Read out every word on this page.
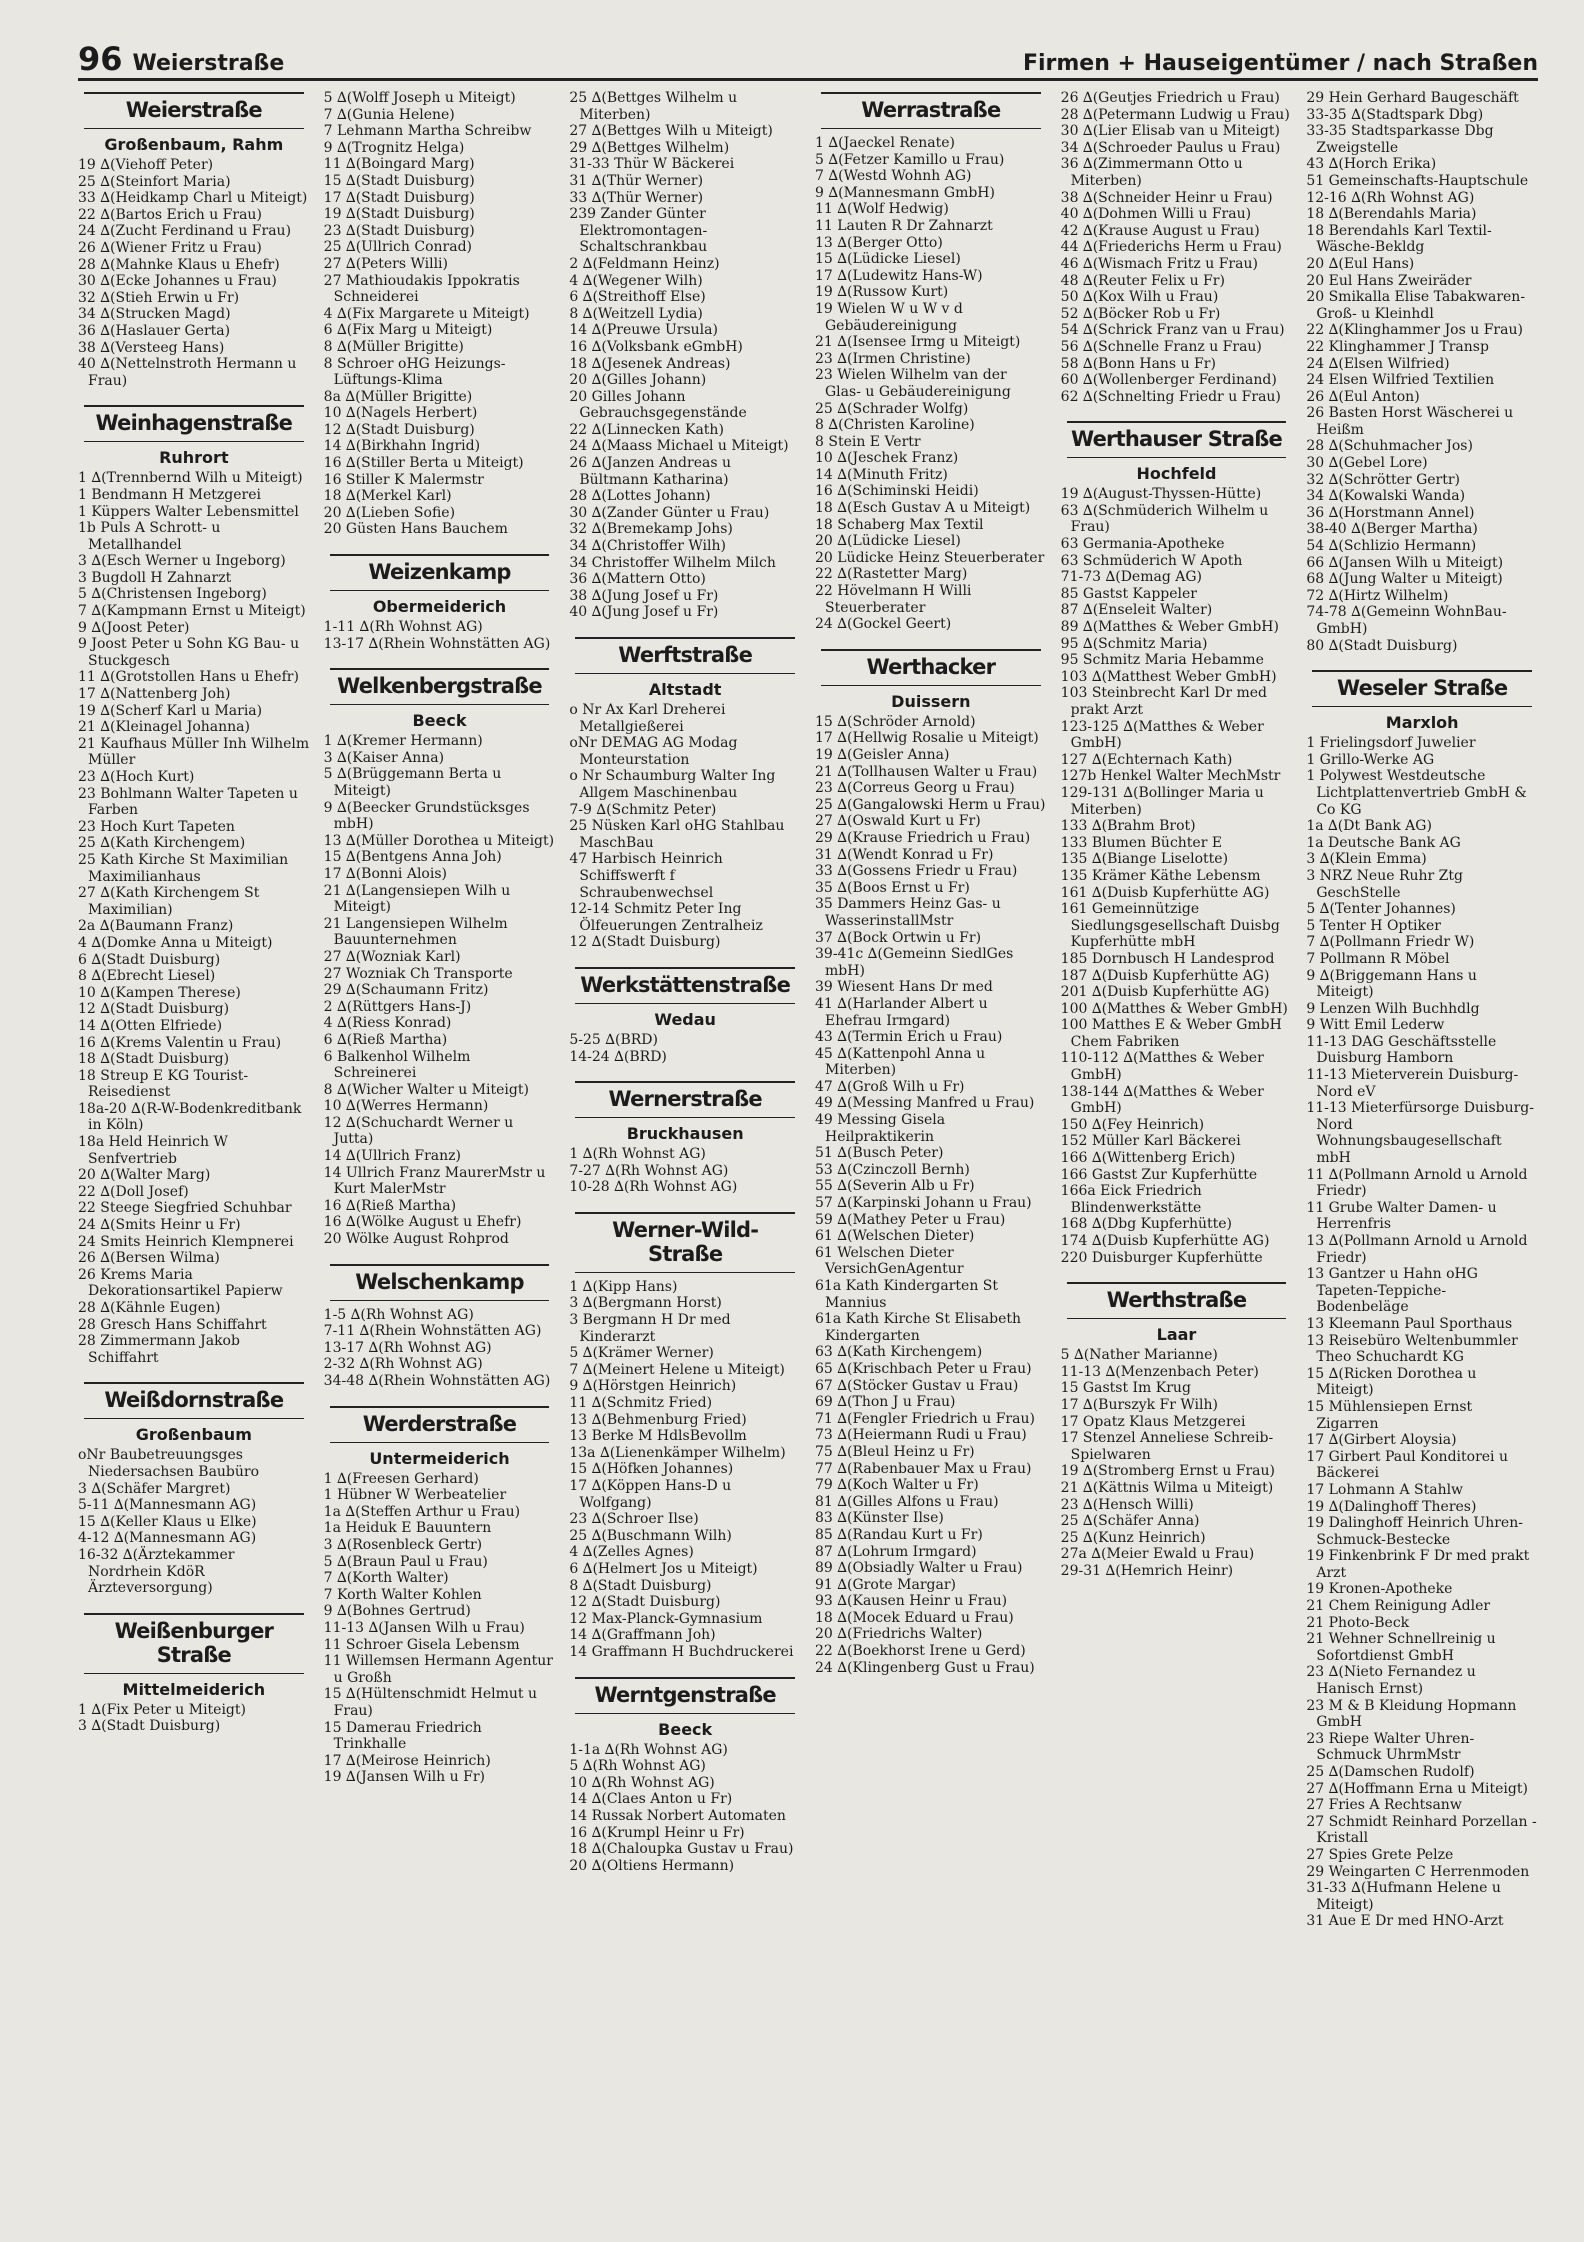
96 Weierstraße	Firmen + Hauseigentümer / nach Straßen
Weierstraße
Großenbaum, Rahm
19 ∆(Viehoff Peter)
25 ∆(Steinfort Maria)
33 ∆(Heidkamp Charl u Miteigt)
22 ∆(Bartos Erich u Frau)
24 ∆(Zucht Ferdinand u Frau)
26 ∆(Wiener Fritz u Frau)
28 ∆(Mahnke Klaus u Ehefr)
30 ∆(Ecke Johannes u Frau)
32 ∆(Stieh Erwin u Fr)
34 ∆(Strucken Magd)
36 ∆(Haslauer Gerta)
38 ∆(Versteeg Hans)
40 ∆(Nettelnstroth Hermann u Frau)
Weinhagenstraße
Ruhrort
1 ∆(Trennbernd Wilh u Miteigt)
1 Bendmann H Metzgerei
1 Küppers Walter Lebensmittel
1b Puls A Schrott- u Metallhandel
3 ∆(Esch Werner u Ingeborg)
3 Bugdoll H Zahnarzt
5 ∆(Christensen Ingeborg)
7 ∆(Kampmann Ernst u Miteigt)
9 ∆(Joost Peter)
9 Joost Peter u Sohn KG Bau- u Stuckgesch
11 ∆(Grotstollen Hans u Ehefr)
17 ∆(Nattenberg Joh)
19 ∆(Scherf Karl u Maria)
21 ∆(Kleinagel Johanna)
21 Kaufhaus Müller Inh Wilhelm Müller
23 ∆(Hoch Kurt)
23 Bohlmann Walter Tapeten u Farben
23 Hoch Kurt Tapeten
25 ∆(Kath Kirchengem)
25 Kath Kirche St Maximilian Maximilianhaus
27 ∆(Kath Kirchengem St Maximilian)
2a ∆(Baumann Franz)
4 ∆(Domke Anna u Miteigt)
6 ∆(Stadt Duisburg)
8 ∆(Ebrecht Liesel)
10 ∆(Kampen Therese)
12 ∆(Stadt Duisburg)
14 ∆(Otten Elfriede)
16 ∆(Krems Valentin u Frau)
18 ∆(Stadt Duisburg)
18 Streup E KG Tourist-Reisedienst
18a-20 ∆(R-W-Bodenkreditbank in Köln)
18a Held Heinrich W Senfvertrieb
20 ∆(Walter Marg)
22 ∆(Doll Josef)
22 Steege Siegfried Schuhbar
24 ∆(Smits Heinr u Fr)
24 Smits Heinrich Klempnerei
26 ∆(Bersen Wilma)
26 Krems Maria Dekorationsartikel Papierw
28 ∆(Kähnle Eugen)
28 Gresch Hans Schiffahrt
28 Zimmermann Jakob Schiffahrt
Weißdornstraße
Großenbaum
oNr Baubetreuungsges Niedersachsen Baubüro
3 ∆(Schäfer Margret)
5-11 ∆(Mannesmann AG)
15 ∆(Keller Klaus u Elke)
4-12 ∆(Mannesmann AG)
16-32 ∆(Ärztekammer Nordrhein KdöR Ärzteversorgung)
Weißenburger Straße
Mittelmeiderich
1 ∆(Fix Peter u Miteigt)
3 ∆(Stadt Duisburg)
5 ∆(Wolff Joseph u Miteigt)
7 ∆(Gunia Helene)
7 Lehmann Martha Schreibw
9 ∆(Trognitz Helga)
11 ∆(Boingard Marg)
15 ∆(Stadt Duisburg)
17 ∆(Stadt Duisburg)
19 ∆(Stadt Duisburg)
23 ∆(Stadt Duisburg)
25 ∆(Ullrich Conrad)
27 ∆(Peters Willi)
27 Mathioudakis Ippokratis Schneiderei
4 ∆(Fix Margarete u Miteigt)
6 ∆(Fix Marg u Miteigt)
8 ∆(Müller Brigitte)
8 Schroer oHG Heizungs-Lüftungs-Klima
8a ∆(Müller Brigitte)
10 ∆(Nagels Herbert)
12 ∆(Stadt Duisburg)
14 ∆(Birkhahn Ingrid)
16 ∆(Stiller Berta u Miteigt)
16 Stiller K Malermstr
18 ∆(Merkel Karl)
20 ∆(Lieben Sofie)
20 Güsten Hans Bauchem
Weizenkamp
Obermeiderich
1-11 ∆(Rh Wohnst AG)
13-17 ∆(Rhein Wohnstätten AG)
Welkenbergstraße
Beeck
1 ∆(Kremer Hermann)
3 ∆(Kaiser Anna)
5 ∆(Brüggemann Berta u Miteigt)
9 ∆(Beecker Grundstücksges mbH)
13 ∆(Müller Dorothea u Miteigt)
15 ∆(Bentgens Anna Joh)
17 ∆(Bonni Alois)
21 ∆(Langensiepen Wilh u Miteigt)
21 Langensiepen Wilhelm Bauunternehmen
27 ∆(Wozniak Karl)
27 Wozniak Ch Transporte
29 ∆(Schaumann Fritz)
2 ∆(Rüttgers Hans-J)
4 ∆(Riess Konrad)
6 ∆(Rieß Martha)
6 Balkenhol Wilhelm Schreinerei
8 ∆(Wicher Walter u Miteigt)
10 ∆(Werres Hermann)
12 ∆(Schuchardt Werner u Jutta)
14 ∆(Ullrich Franz)
14 Ullrich Franz MaurerMstr u Kurt MalerMstr
16 ∆(Rieß Martha)
16 ∆(Wölke August u Ehefr)
20 Wölke August Rohprod
Welschenkamp
1-5 ∆(Rh Wohnst AG)
7-11 ∆(Rhein Wohnstätten AG)
13-17 ∆(Rh Wohnst AG)
2-32 ∆(Rh Wohnst AG)
34-48 ∆(Rhein Wohnstätten AG)
Werderstraße
Untermeiderich
1 ∆(Freesen Gerhard)
1 Hübner W Werbeatelier
1a ∆(Steffen Arthur u Frau)
1a Heiduk E Bauuntern
3 ∆(Rosenbleck Gertr)
5 ∆(Braun Paul u Frau)
7 ∆(Korth Walter)
7 Korth Walter Kohlen
9 ∆(Bohnes Gertrud)
11-13 ∆(Jansen Wilh u Frau)
11 Schroer Gisela Lebensm
11 Willemsen Hermann Agentur u Großh
15 ∆(Hültenschmidt Helmut u Frau)
15 Damerau Friedrich Trinkhalle
17 ∆(Meirose Heinrich)
19 ∆(Jansen Wilh u Fr)
25 ∆(Bettges Wilhelm u Miterben)
27 ∆(Bettges Wilh u Miteigt)
29 ∆(Bettges Wilhelm)
31-33 Thür W Bäckerei
31 ∆(Thür Werner)
33 ∆(Thür Werner)
239 Zander Günter Elektromontagen-Schaltschrankbau
2 ∆(Feldmann Heinz)
4 ∆(Wegener Wilh)
6 ∆(Streithoff Else)
8 ∆(Weitzell Lydia)
14 ∆(Preuwe Ursula)
16 ∆(Volksbank eGmbH)
18 ∆(Jesenek Andreas)
20 ∆(Gilles Johann)
20 Gilles Johann Gebrauchsgegenstände
22 ∆(Linnecken Kath)
24 ∆(Maass Michael u Miteigt)
26 ∆(Janzen Andreas u Bültmann Katharina)
28 ∆(Lottes Johann)
30 ∆(Zander Günter u Frau)
32 ∆(Bremekamp Johs)
34 ∆(Christoffer Wilh)
34 Christoffer Wilhelm Milch
36 ∆(Mattern Otto)
38 ∆(Jung Josef u Fr)
40 ∆(Jung Josef u Fr)
Werftstraße
Altstadt
o Nr Ax Karl Dreherei Metallgießerei
oNr DEMAG AG Modag Monteurstation
o Nr Schaumburg Walter Ing Allgem Maschinenbau
7-9 ∆(Schmitz Peter)
25 Nüsken Karl oHG Stahlbau MaschBau
47 Harbisch Heinrich Schiffswerft f Schraubenwechsel
12-14 Schmitz Peter Ing Ölfeuerungen Zentralheiz
12 ∆(Stadt Duisburg)
Werkstättenstraße
Wedau
5-25 ∆(BRD)
14-24 ∆(BRD)
Wernerstraße
Bruckhausen
1 ∆(Rh Wohnst AG)
7-27 ∆(Rh Wohnst AG)
10-28 ∆(Rh Wohnst AG)
Werner-Wild-Straße
1 ∆(Kipp Hans)
3 ∆(Bergmann Horst)
3 Bergmann H Dr med Kinderarzt
5 ∆(Krämer Werner)
7 ∆(Meinert Helene u Miteigt)
9 ∆(Hörstgen Heinrich)
11 ∆(Schmitz Fried)
13 ∆(Behmenburg Fried)
13 Berke M HdlsBevollm
13a ∆(Lienenkämper Wilhelm)
15 ∆(Höfken Johannes)
17 ∆(Köppen Hans-D u Wolfgang)
23 ∆(Schroer Ilse)
25 ∆(Buschmann Wilh)
4 ∆(Zelles Agnes)
6 ∆(Helmert Jos u Miteigt)
8 ∆(Stadt Duisburg)
12 ∆(Stadt Duisburg)
12 Max-Planck-Gymnasium
14 ∆(Graffmann Joh)
14 Graffmann H Buchdruckerei
Werntgenstraße
Beeck
1-1a ∆(Rh Wohnst AG)
5 ∆(Rh Wohnst AG)
10 ∆(Rh Wohnst AG)
14 ∆(Claes Anton u Fr)
14 Russak Norbert Automaten
16 ∆(Krumpl Heinr u Fr)
18 ∆(Chaloupka Gustav u Frau)
20 ∆(Oltiens Hermann)
Werrastraße
1 ∆(Jaeckel Renate)
5 ∆(Fetzer Kamillo u Frau)
7 ∆(Westd Wohnh AG)
9 ∆(Mannesmann GmbH)
11 ∆(Wolf Hedwig)
11 Lauten R Dr Zahnarzt
13 ∆(Berger Otto)
15 ∆(Lüdicke Liesel)
17 ∆(Ludewitz Hans-W)
19 ∆(Russow Kurt)
19 Wielen W u W v d Gebäudereinigung
21 ∆(Isensee Irmg u Miteigt)
23 ∆(Irmen Christine)
23 Wielen Wilhelm van der Glas- u Gebäudereinigung
25 ∆(Schrader Wolfg)
8 ∆(Christen Karoline)
8 Stein E Vertr
10 ∆(Jeschek Franz)
14 ∆(Minuth Fritz)
16 ∆(Schiminski Heidi)
18 ∆(Esch Gustav A u Miteigt)
18 Schaberg Max Textil
20 ∆(Lüdicke Liesel)
20 Lüdicke Heinz Steuerberater
22 ∆(Rastetter Marg)
22 Hövelmann H Willi Steuerberater
24 ∆(Gockel Geert)
Werthacker
Duissern
15 ∆(Schröder Arnold)
17 ∆(Hellwig Rosalie u Miteigt)
19 ∆(Geisler Anna)
21 ∆(Tollhausen Walter u Frau)
23 ∆(Correus Georg u Frau)
25 ∆(Gangalowski Herm u Frau)
27 ∆(Oswald Kurt u Fr)
29 ∆(Krause Friedrich u Frau)
31 ∆(Wendt Konrad u Fr)
33 ∆(Gossens Friedr u Frau)
35 ∆(Boos Ernst u Fr)
35 Dammers Heinz Gas- u WasserinstallMstr
37 ∆(Bock Ortwin u Fr)
39-41c ∆(Gemeinn SiedlGes mbH)
39 Wiesent Hans Dr med
41 ∆(Harlander Albert u Ehefrau Irmgard)
43 ∆(Termin Erich u Frau)
45 ∆(Kattenpohl Anna u Miterben)
47 ∆(Groß Wilh u Fr)
49 ∆(Messing Manfred u Frau)
49 Messing Gisela Heilpraktikerin
51 ∆(Busch Peter)
53 ∆(Czinczoll Bernh)
55 ∆(Severin Alb u Fr)
57 ∆(Karpinski Johann u Frau)
59 ∆(Mathey Peter u Frau)
61 ∆(Welschen Dieter)
61 Welschen Dieter VersichGenAgentur
61a Kath Kindergarten St Mannius
61a Kath Kirche St Elisabeth Kindergarten
63 ∆(Kath Kirchengem)
65 ∆(Krischbach Peter u Frau)
67 ∆(Stöcker Gustav u Frau)
69 ∆(Thon J u Frau)
71 ∆(Fengler Friedrich u Frau)
73 ∆(Heiermann Rudi u Frau)
75 ∆(Bleul Heinz u Fr)
77 ∆(Rabenbauer Max u Frau)
79 ∆(Koch Walter u Fr)
81 ∆(Gilles Alfons u Frau)
83 ∆(Künster Ilse)
85 ∆(Randau Kurt u Fr)
87 ∆(Lohrum Irmgard)
89 ∆(Obsiadly Walter u Frau)
91 ∆(Grote Margar)
93 ∆(Kausen Heinr u Frau)
18 ∆(Mocek Eduard u Frau)
20 ∆(Friedrichs Walter)
22 ∆(Boekhorst Irene u Gerd)
24 ∆(Klingenberg Gust u Frau)
26 ∆(Geutjes Friedrich u Frau)
28 ∆(Petermann Ludwig u Frau)
30 ∆(Lier Elisab van u Miteigt)
34 ∆(Schroeder Paulus u Frau)
36 ∆(Zimmermann Otto u Miterben)
38 ∆(Schneider Heinr u Frau)
40 ∆(Dohmen Willi u Frau)
42 ∆(Krause August u Frau)
44 ∆(Friederichs Herm u Frau)
46 ∆(Wismach Fritz u Frau)
48 ∆(Reuter Felix u Fr)
50 ∆(Kox Wilh u Frau)
52 ∆(Böcker Rob u Fr)
54 ∆(Schrick Franz van u Frau)
56 ∆(Schnelle Franz u Frau)
58 ∆(Bonn Hans u Fr)
60 ∆(Wollenberger Ferdinand)
62 ∆(Schnelting Friedr u Frau)
Werthauser Straße
Hochfeld
19 ∆(August-Thyssen-Hütte)
63 ∆(Schmüderich Wilhelm u Frau)
63 Germania-Apotheke
63 Schmüderich W Apoth
71-73 ∆(Demag AG)
85 Gastst Kappeler
87 ∆(Enseleit Walter)
89 ∆(Matthes & Weber GmbH)
95 ∆(Schmitz Maria)
95 Schmitz Maria Hebamme
103 ∆(Matthest Weber GmbH)
103 Steinbrecht Karl Dr med prakt Arzt
123-125 ∆(Matthes & Weber GmbH)
127 ∆(Echternach Kath)
127b Henkel Walter MechMstr
129-131 ∆(Bollinger Maria u Miterben)
133 ∆(Brahm Brot)
133 Blumen Büchter E
135 ∆(Biange Liselotte)
135 Krämer Käthe Lebensm
161 ∆(Duisb Kupferhütte AG)
161 Gemeinnützige Siedlungsgesellschaft Duisbg Kupferhütte mbH
185 Dornbusch H Landesprod
187 ∆(Duisb Kupferhütte AG)
201 ∆(Duisb Kupferhütte AG)
100 ∆(Matthes & Weber GmbH)
100 Matthes E & Weber GmbH Chem Fabriken
110-112 ∆(Matthes & Weber GmbH)
138-144 ∆(Matthes & Weber GmbH)
150 ∆(Fey Heinrich)
152 Müller Karl Bäckerei
166 ∆(Wittenberg Erich)
166 Gastst Zur Kupferhütte
166a Eick Friedrich Blindenwerkstätte
168 ∆(Dbg Kupferhütte)
174 ∆(Duisb Kupferhütte AG)
220 Duisburger Kupferhütte
Werthstraße
Laar
5 ∆(Nather Marianne)
11-13 ∆(Menzenbach Peter)
15 Gastst Im Krug
17 ∆(Burszyk Fr Wilh)
17 Opatz Klaus Metzgerei
17 Stenzel Anneliese Schreib- Spielwaren
19 ∆(Stromberg Ernst u Frau)
21 ∆(Kättnis Wilma u Miteigt)
23 ∆(Hensch Willi)
25 ∆(Schäfer Anna)
25 ∆(Kunz Heinrich)
27a ∆(Meier Ewald u Frau)
29-31 ∆(Hemrich Heinr)
29 Hein Gerhard Baugeschäft
33-35 ∆(Stadtspark Dbg)
33-35 Stadtsparkasse Dbg Zweigstelle
43 ∆(Horch Erika)
51 Gemeinschafts-Hauptschule
12-16 ∆(Rh Wohnst AG)
18 ∆(Berendahls Maria)
18 Berendahls Karl Textil-Wäsche-Bekldg
20 ∆(Eul Hans)
20 Eul Hans Zweiräder
20 Smikalla Elise Tabakwaren-Groß- u Kleinhdl
22 ∆(Klinghammer Jos u Frau)
22 Klinghammer J Transp
24 ∆(Elsen Wilfried)
24 Elsen Wilfried Textilien
26 ∆(Eul Anton)
26 Basten Horst Wäscherei u Heißm
28 ∆(Schuhmacher Jos)
30 ∆(Gebel Lore)
32 ∆(Schrötter Gertr)
34 ∆(Kowalski Wanda)
36 ∆(Horstmann Annel)
38-40 ∆(Berger Martha)
54 ∆(Schlizio Hermann)
66 ∆(Jansen Wilh u Miteigt)
68 ∆(Jung Walter u Miteigt)
72 ∆(Hirtz Wilhelm)
74-78 ∆(Gemeinn WohnBau-GmbH)
80 ∆(Stadt Duisburg)
Weseler Straße
Marxloh
1 Frielingsdorf Juwelier
1 Grillo-Werke AG
1 Polywest Westdeutsche Lichtplattenvertrieb GmbH & Co KG
1a ∆(Dt Bank AG)
1a Deutsche Bank AG
3 ∆(Klein Emma)
3 NRZ Neue Ruhr Ztg GeschStelle
5 ∆(Tenter Johannes)
5 Tenter H Optiker
7 ∆(Pollmann Friedr W)
7 Pollmann R Möbel
9 ∆(Briggemann Hans u Miteigt)
9 Lenzen Wilh Buchhdlg
9 Witt Emil Lederw
11-13 DAG Geschäftsstelle Duisburg Hamborn
11-13 Mieterverein Duisburg-Nord eV
11-13 Mieterfürsorge Duisburg-Nord Wohnungsbaugesellschaft mbH
11 ∆(Pollmann Arnold u Arnold Friedr)
11 Grube Walter Damen- u Herrenfris
13 ∆(Pollmann Arnold u Arnold Friedr)
13 Gantzer u Hahn oHG Tapeten-Teppiche-Bodenbeläge
13 Kleemann Paul Sporthaus
13 Reisebüro Weltenbummler Theo Schuchardt KG
15 ∆(Ricken Dorothea u Miteigt)
15 Mühlensiepen Ernst Zigarren
17 ∆(Girbert Aloysia)
17 Girbert Paul Konditorei u Bäckerei
17 Lohmann A Stahlw
19 ∆(Dalinghoff Theres)
19 Dalinghoff Heinrich Uhren-Schmuck-Bestecke
19 Finkenbrink F Dr med prakt Arzt
19 Kronen-Apotheke
21 Chem Reinigung Adler
21 Photo-Beck
21 Wehner Schnellreinig u Sofortdienst GmbH
23 ∆(Nieto Fernandez u Hanisch Ernst)
23 M & B Kleidung Hopmann GmbH
23 Riepe Walter Uhren-Schmuck UhrmMstr
25 ∆(Damschen Rudolf)
27 ∆(Hoffmann Erna u Miteigt)
27 Fries A Rechtsanw
27 Schmidt Reinhard Porzellan - Kristall
27 Spies Grete Pelze
29 Weingarten C Herrenmoden
31-33 ∆(Hufmann Helene u Miteigt)
31 Aue E Dr med HNO-Arzt
